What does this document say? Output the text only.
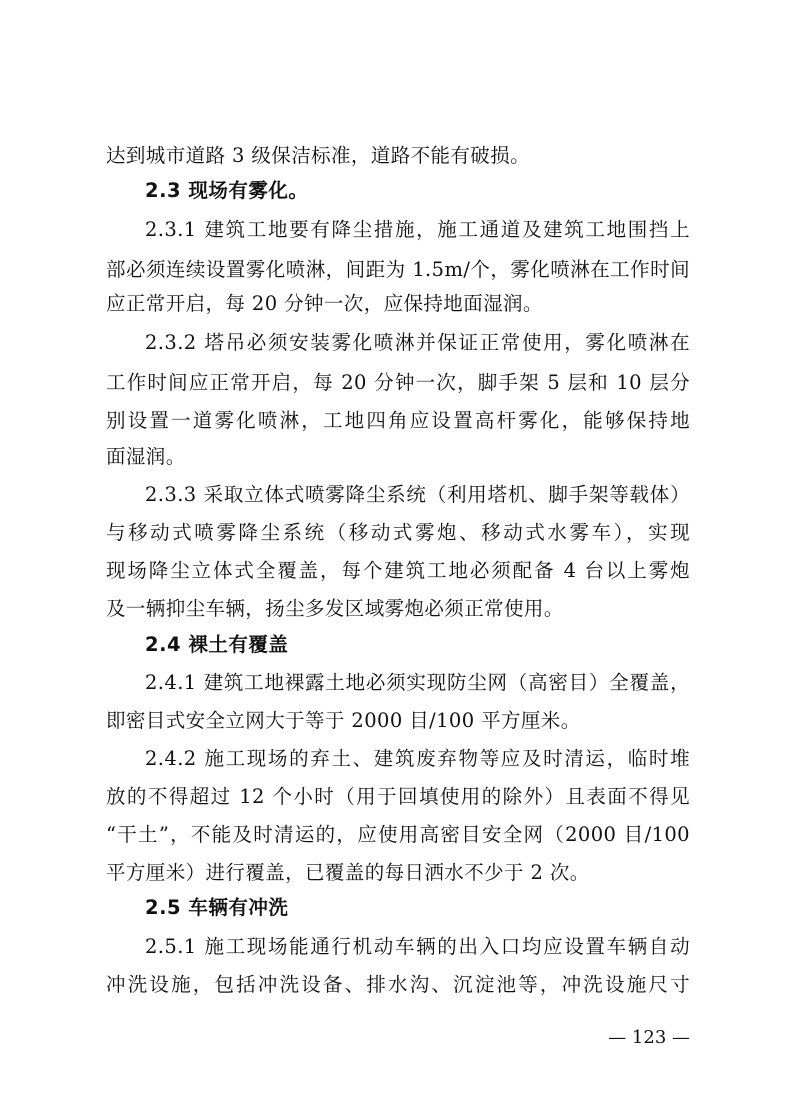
达到城市道路 3 级保洁标准，道路不能有破损。
2.3 现场有雾化。
2.3.1 建筑工地要有降尘措施，施工通道及建筑工地围挡上
部必须连续设置雾化喷淋，间距为 1.5m/个，雾化喷淋在工作时间
应正常开启，每 20 分钟一次，应保持地面湿润。
2.3.2 塔吊必须安装雾化喷淋并保证正常使用，雾化喷淋在
工作时间应正常开启，每 20 分钟一次，脚手架 5 层和 10 层分
别设置一道雾化喷淋，工地四角应设置高杆雾化，能够保持地
面湿润。
2.3.3 采取立体式喷雾降尘系统（利用塔机、脚手架等载体）
与移动式喷雾降尘系统（移动式雾炮、移动式水雾车），实现
现场降尘立体式全覆盖，每个建筑工地必须配备 4 台以上雾炮
及一辆抑尘车辆，扬尘多发区域雾炮必须正常使用。
2.4 裸土有覆盖
2.4.1 建筑工地裸露土地必须实现防尘网（高密目）全覆盖，
即密目式安全立网大于等于 2000 目/100 平方厘米。
2.4.2 施工现场的弃土、建筑废弃物等应及时清运，临时堆
放的不得超过 12 个小时（用于回填使用的除外）且表面不得见
“干土”，不能及时清运的，应使用高密目安全网（2000 目/100
平方厘米）进行覆盖，已覆盖的每日洒水不少于 2 次。
2.5 车辆有冲洗
2.5.1 施工现场能通行机动车辆的出入口均应设置车辆自动
冲洗设施，包括冲洗设备、排水沟、沉淀池等，冲洗设施尺寸
— 123 —
